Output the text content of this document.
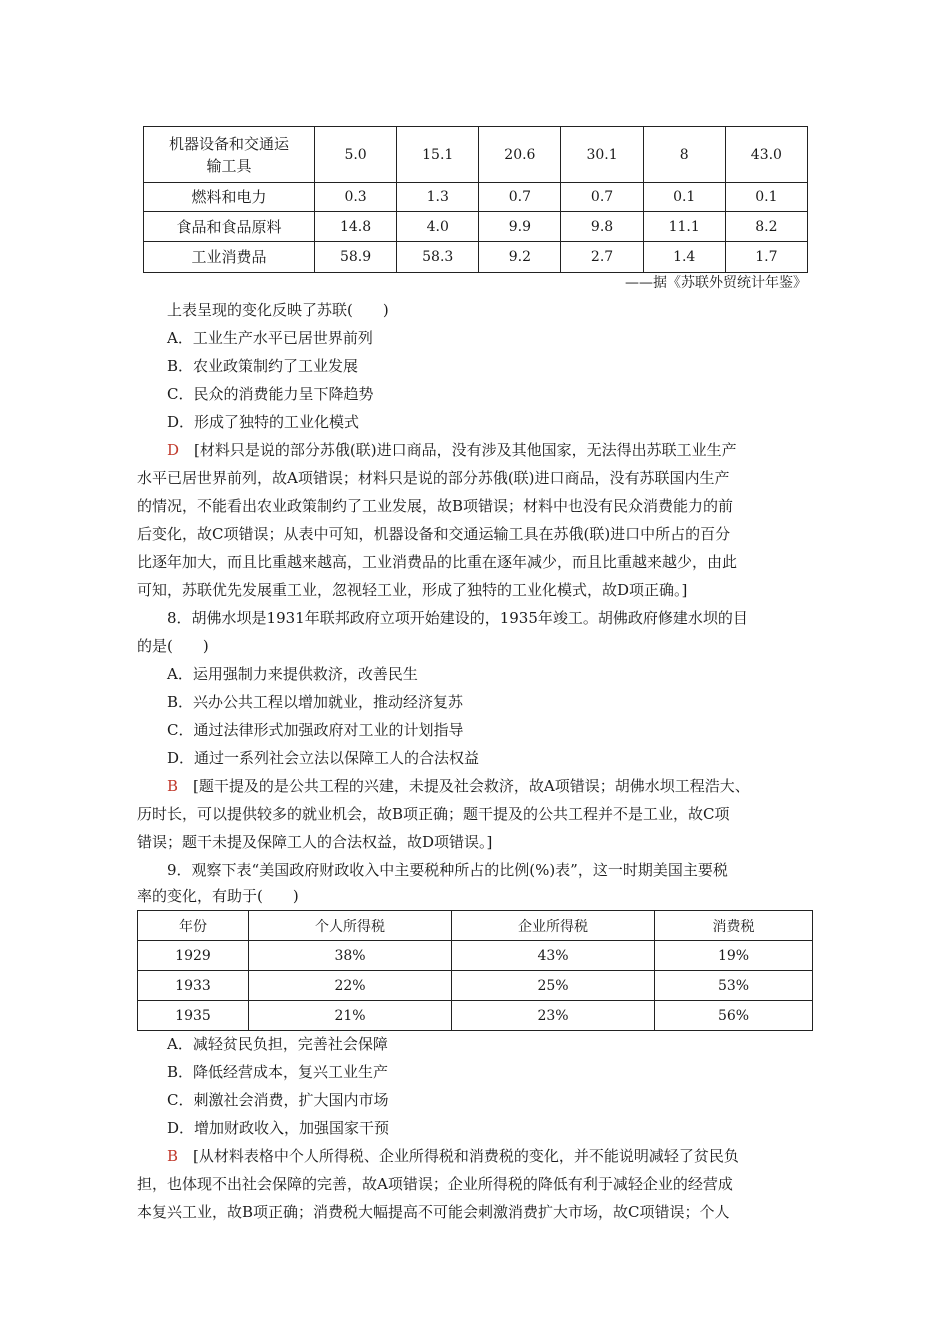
机器设备和交通运
输工具	5.0	15.1	20.6	30.1	8	43.0
燃料和电力	0.3	1.3	0.7	0.7	0.1	0.1
食品和食品原料	14.8	4.0	9.9	9.8	11.1	8.2
工业消费品	58.9	58.3	9.2	2.7	1.4	1.7
——据《苏联外贸统计年鉴》
上表呈现的变化反映了苏联(　　)
A．工业生产水平已居世界前列
B．农业政策制约了工业发展
C．民众的消费能力呈下降趋势
D．形成了独特的工业化模式
D　 [材料只是说的部分苏俄(联)进口商品，没有涉及其他国家，无法得出苏联工业生产
水平已居世界前列，故A项错误；材料只是说的部分苏俄(联)进口商品，没有苏联国内生产
的情况，不能看出农业政策制约了工业发展，故B项错误；材料中也没有民众消费能力的前
后变化，故C项错误；从表中可知，机器设备和交通运输工具在苏俄(联)进口中所占的百分
比逐年加大，而且比重越来越高，工业消费品的比重在逐年减少，而且比重越来越少，由此
可知，苏联优先发展重工业，忽视轻工业，形成了独特的工业化模式，故D项正确。]
8．胡佛水坝是1931年联邦政府立项开始建设的，1935年竣工。胡佛政府修建水坝的目
的是(　　)
A．运用强制力来提供救济，改善民生
B．兴办公共工程以增加就业，推动经济复苏
C．通过法律形式加强政府对工业的计划指导
D．通过一系列社会立法以保障工人的合法权益
B　 [题干提及的是公共工程的兴建，未提及社会救济，故A项错误；胡佛水坝工程浩大、
历时长，可以提供较多的就业机会，故B项正确；题干提及的公共工程并不是工业，故C项
错误；题干未提及保障工人的合法权益，故D项错误。]
9．观察下表“美国政府财政收入中主要税种所占的比例(%)表”，这一时期美国主要税
率的变化，有助于(　　)
年份	个人所得税	企业所得税	消费税
1929	38%	43%	19%
1933	22%	25%	53%
1935	21%	23%	56%
A．减轻贫民负担，完善社会保障
B．降低经营成本，复兴工业生产
C．刺激社会消费，扩大国内市场
D．增加财政收入，加强国家干预
B　 [从材料表格中个人所得税、企业所得税和消费税的变化，并不能说明减轻了贫民负
担，也体现不出社会保障的完善，故A项错误；企业所得税的降低有利于减轻企业的经营成
本复兴工业，故B项正确；消费税大幅提高不可能会刺激消费扩大市场，故C项错误；个人
